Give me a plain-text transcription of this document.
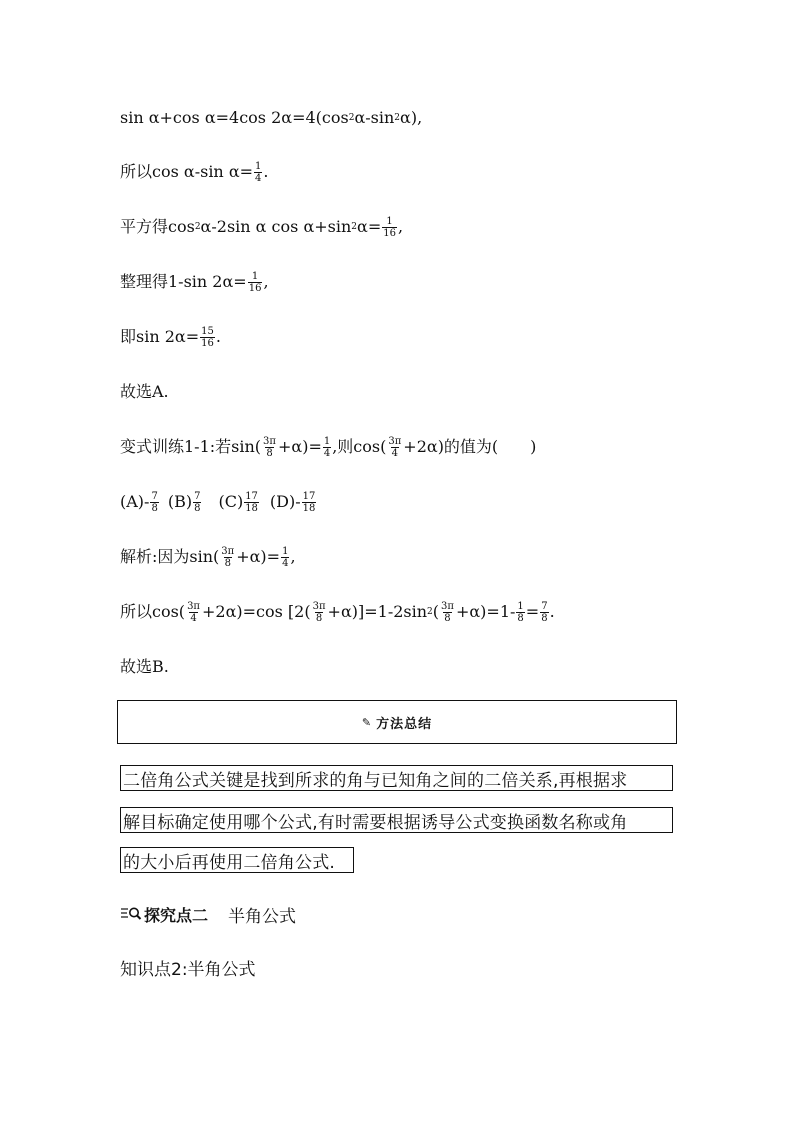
sin α+cos α=4cos 2α=4(cos 2 α-sin 2 α),
所以cos α-sin $\alpha= \frac{1}{4}$ .
平方得cos 2 α-2sin α cos α+sin 2 $\alpha= \frac{1}{16}$ ,
整理得1-sin $2\alpha= \frac{1}{16}$ ,
即$\sin 2\alpha= \frac{15}{16}$ .
故选A.
变式训练1-1:若$\sin( \frac{3\pi}{8} +\alpha)= \frac{1}{4}$ ,则$\cos( \frac{3\pi}{4} +2\alpha)$的值为(　　)
$(A)- \frac{7}{8} (B) \frac{7}{8} (C) \frac{17}{18} (D)- \frac{17}{18}$
解析:因为$\sin( \frac{3\pi}{8} +\alpha)= \frac{1}{4}$ ,
所以$\cos( \frac{3\pi}{4} +2\alpha)=\cos$ $[2( \frac{3\pi}{8} +\alpha)]=1-2\sin$ 2 ( $\frac{3\pi}{8} +\alpha)=1- \frac{1}{8} = \frac{7}{8}$ .
故选B.
✎ 方法总结
二倍角公式关键是找到所求的角与已知角之间的二倍关系,再根据求
解目标确定使用哪个公式,有时需要根据诱导公式变换函数名称或角
的大小后再使用二倍角公式.
探究点二 半角公式
知识点2:半角公式
